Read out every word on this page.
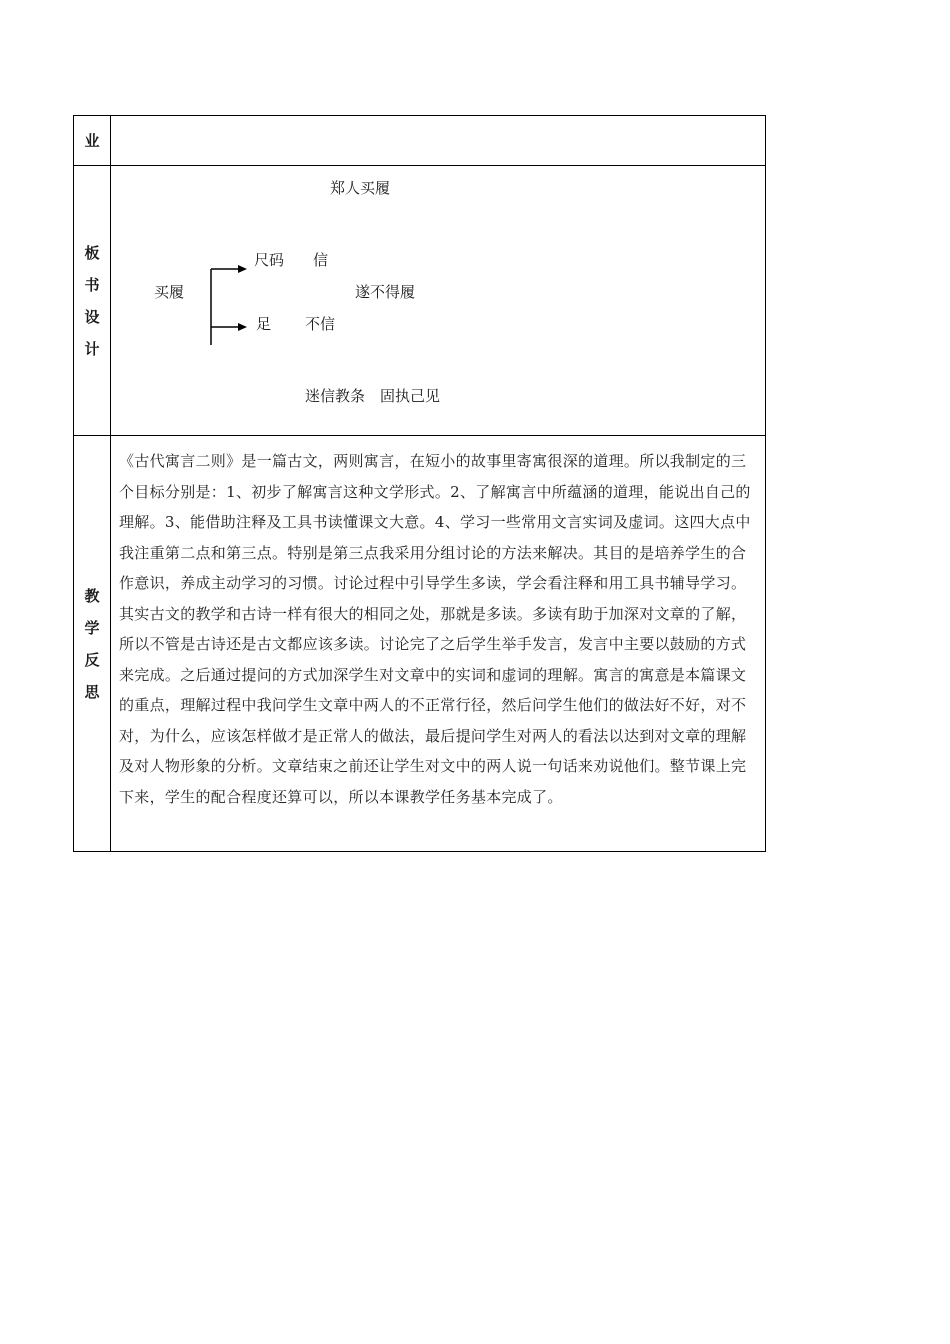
业
板书设计
郑人买履
买履
尺码 信
遂不得履
足 不信
迷信教条　固执己见
教学反思
《古代寓言二则》是一篇古文，两则寓言，在短小的故事里寄寓很深的道理。所以我制定的三个目标分别是：1、初步了解寓言这种文学形式。2、了解寓言中所蕴涵的道理，能说出自己的理解。3、能借助注释及工具书读懂课文大意。4、学习一些常用文言实词及虚词。这四大点中我注重第二点和第三点。特别是第三点我采用分组讨论的方法来解决。其目的是培养学生的合作意识，养成主动学习的习惯。讨论过程中引导学生多读，学会看注释和用工具书辅导学习。其实古文的教学和古诗一样有很大的相同之处，那就是多读。多读有助于加深对文章的了解，所以不管是古诗还是古文都应该多读。讨论完了之后学生举手发言，发言中主要以鼓励的方式来完成。之后通过提问的方式加深学生对文章中的实词和虚词的理解。寓言的寓意是本篇课文的重点，理解过程中我问学生文章中两人的不正常行径，然后问学生他们的做法好不好，对不对，为什么，应该怎样做才是正常人的做法，最后提问学生对两人的看法以达到对文章的理解及对人物形象的分析。文章结束之前还让学生对文中的两人说一句话来劝说他们。整节课上完下来，学生的配合程度还算可以，所以本课教学任务基本完成了。
